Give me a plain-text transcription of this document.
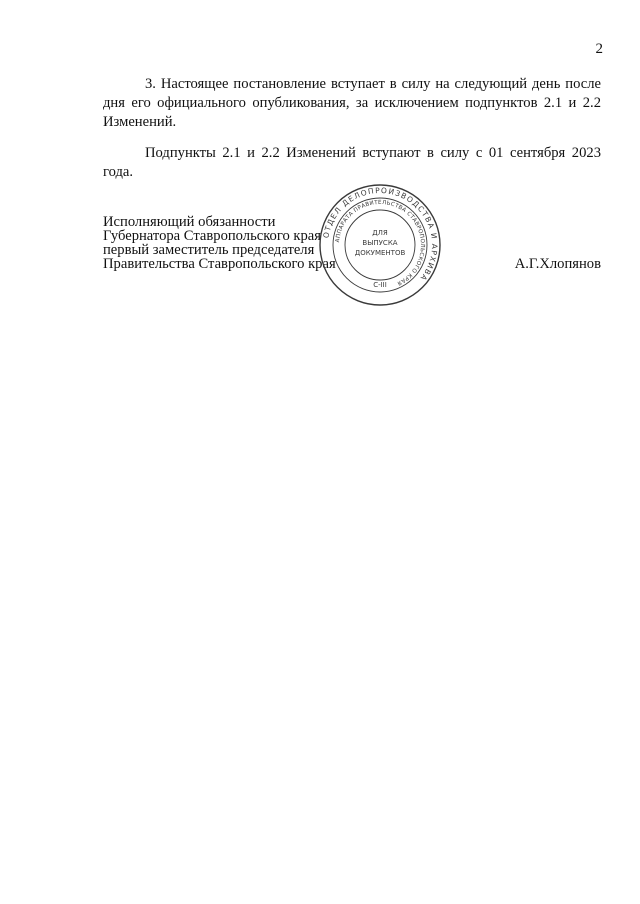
2

3. Настоящее постановление вступает в силу на следующий день после дня его официального опубликования, за исключением подпунктов 2.1 и 2.2 Изменений.

Подпункты 2.1 и 2.2 Изменений вступают в силу с 01 сентября 2023 года.

Исполняющий обязанности
Губернатора Ставропольского края
первый заместитель председателя
Правительства Ставропольского края	А.Г.Хлопянов
ОТДЕЛ ДЕЛОПРОИЗВОДСТВА И АРХИВА
АППАРАТА ПРАВИТЕЛЬСТВА СТАВРОПОЛЬСКОГО КРАЯ
ДЛЯ
ВЫПУСКА
ДОКУМЕНТОВ
С-III
